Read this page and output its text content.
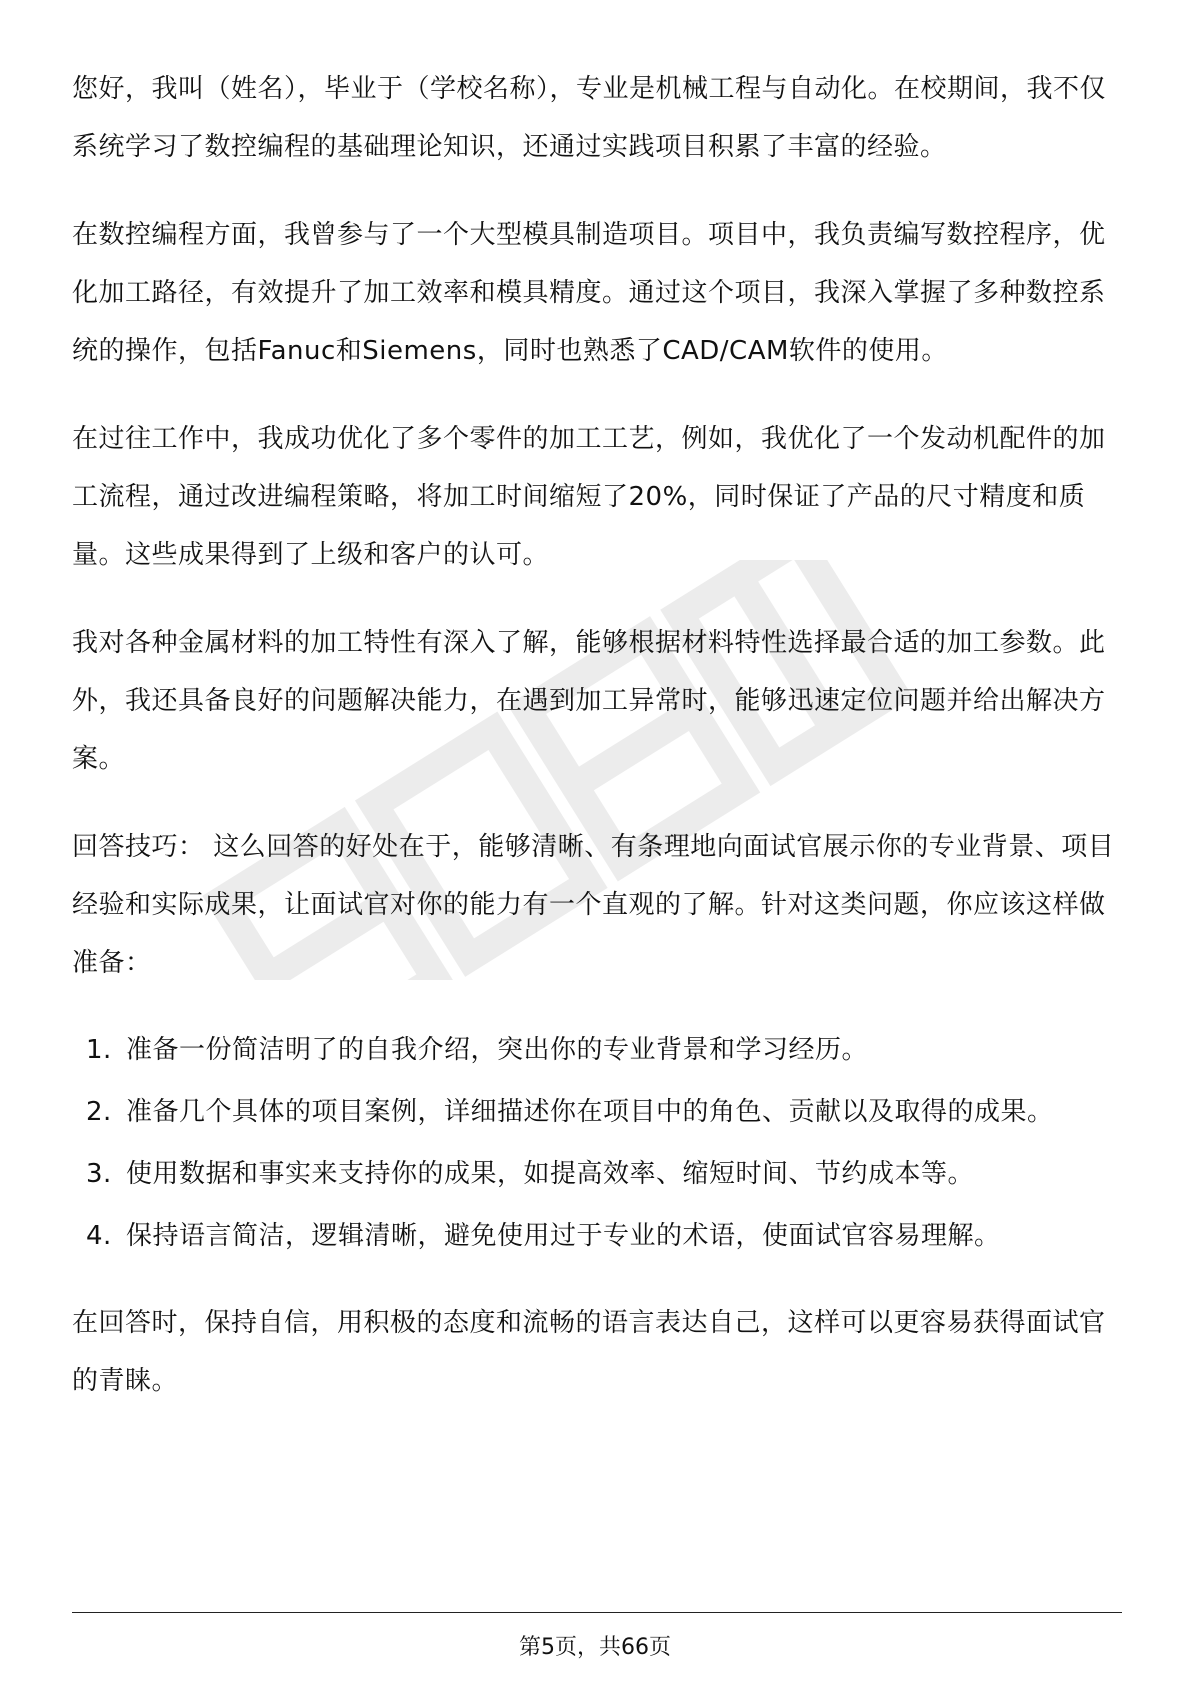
您好，我叫（姓名），毕业于（学校名称），专业是机械工程与自动化。在校期间，我不仅系统学习了数控编程的基础理论知识，还通过实践项目积累了丰富的经验。

在数控编程方面，我曾参与了一个大型模具制造项目。项目中，我负责编写数控程序，优化加工路径，有效提升了加工效率和模具精度。通过这个项目，我深入掌握了多种数控系统的操作，包括Fanuc和Siemens，同时也熟悉了CAD/CAM软件的使用。

在过往工作中，我成功优化了多个零件的加工工艺，例如，我优化了一个发动机配件的加工流程，通过改进编程策略，将加工时间缩短了20%，同时保证了产品的尺寸精度和质量。这些成果得到了上级和客户的认可。

我对各种金属材料的加工特性有深入了解，能够根据材料特性选择最合适的加工参数。此外，我还具备良好的问题解决能力，在遇到加工异常时，能够迅速定位问题并给出解决方案。

回答技巧： 这么回答的好处在于，能够清晰、有条理地向面试官展示你的专业背景、项目经验和实际成果，让面试官对你的能力有一个直观的了解。针对这类问题，你应该这样做准备：

1. 准备一份简洁明了的自我介绍，突出你的专业背景和学习经历。
2. 准备几个具体的项目案例，详细描述你在项目中的角色、贡献以及取得的成果。
3. 使用数据和事实来支持你的成果，如提高效率、缩短时间、节约成本等。
4. 保持语言简洁，逻辑清晰，避免使用过于专业的术语，使面试官容易理解。

在回答时，保持自信，用积极的态度和流畅的语言表达自己，这样可以更容易获得面试官的青睐。

第5页，共66页
